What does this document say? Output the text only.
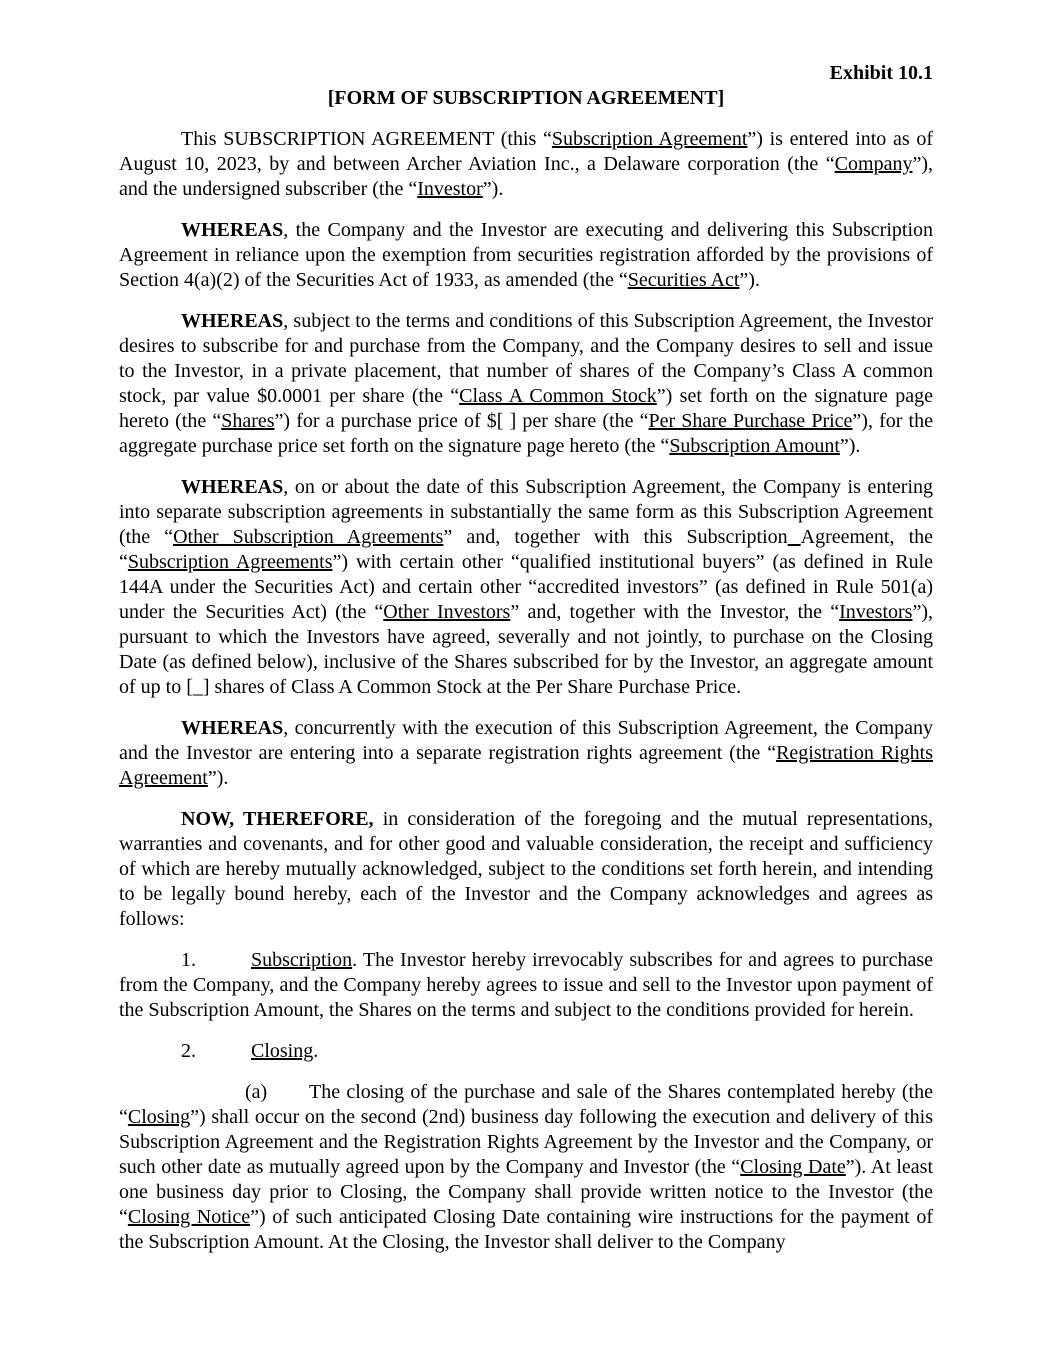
Exhibit 10.1
[FORM OF SUBSCRIPTION AGREEMENT]

This SUBSCRIPTION AGREEMENT (this “Subscription Agreement”) is entered into as of August 10, 2023, by and between Archer Aviation Inc., a Delaware corporation (the “Company”), and the undersigned subscriber (the “Investor”).

WHEREAS, the Company and the Investor are executing and delivering this Subscription Agreement in reliance upon the exemption from securities registration afforded by the provisions of Section 4(a)(2) of the Securities Act of 1933, as amended (the “Securities Act”).

WHEREAS, subject to the terms and conditions of this Subscription Agreement, the Investor desires to subscribe for and purchase from the Company, and the Company desires to sell and issue to the Investor, in a private placement, that number of shares of the Company’s Class A common stock, par value $0.0001 per share (the “Class A Common Stock”) set forth on the signature page hereto (the “Shares”) for a purchase price of $[ ] per share (the “Per Share Purchase Price”), for the aggregate purchase price set forth on the signature page hereto (the “Subscription Amount”).

WHEREAS, on or about the date of this Subscription Agreement, the Company is entering into separate subscription agreements in substantially the same form as this Subscription Agreement (the “Other Subscription Agreements” and, together with this Subscription Agreement, the “Subscription Agreements”) with certain other “qualified institutional buyers” (as defined in Rule 144A under the Securities Act) and certain other “accredited investors” (as defined in Rule 501(a) under the Securities Act) (the “Other Investors” and, together with the Investor, the “Investors”), pursuant to which the Investors have agreed, severally and not jointly, to purchase on the Closing Date (as defined below), inclusive of the Shares subscribed for by the Investor, an aggregate amount of up to [_] shares of Class A Common Stock at the Per Share Purchase Price.

WHEREAS, concurrently with the execution of this Subscription Agreement, the Company and the Investor are entering into a separate registration rights agreement (the “Registration Rights Agreement”).

NOW, THEREFORE, in consideration of the foregoing and the mutual representations, warranties and covenants, and for other good and valuable consideration, the receipt and sufficiency of which are hereby mutually acknowledged, subject to the conditions set forth herein, and intending to be legally bound hereby, each of the Investor and the Company acknowledges and agrees as follows:

1.	Subscription. The Investor hereby irrevocably subscribes for and agrees to purchase from the Company, and the Company hereby agrees to issue and sell to the Investor upon payment of the Subscription Amount, the Shares on the terms and subject to the conditions provided for herein.

2.	Closing.

(a) The closing of the purchase and sale of the Shares contemplated hereby (the “Closing”) shall occur on the second (2nd) business day following the execution and delivery of this Subscription Agreement and the Registration Rights Agreement by the Investor and the Company, or such other date as mutually agreed upon by the Company and Investor (the “Closing Date”). At least one business day prior to Closing, the Company shall provide written notice to the Investor (the “Closing Notice”) of such anticipated Closing Date containing wire instructions for the payment of the Subscription Amount. At the Closing, the Investor shall deliver to the Company
